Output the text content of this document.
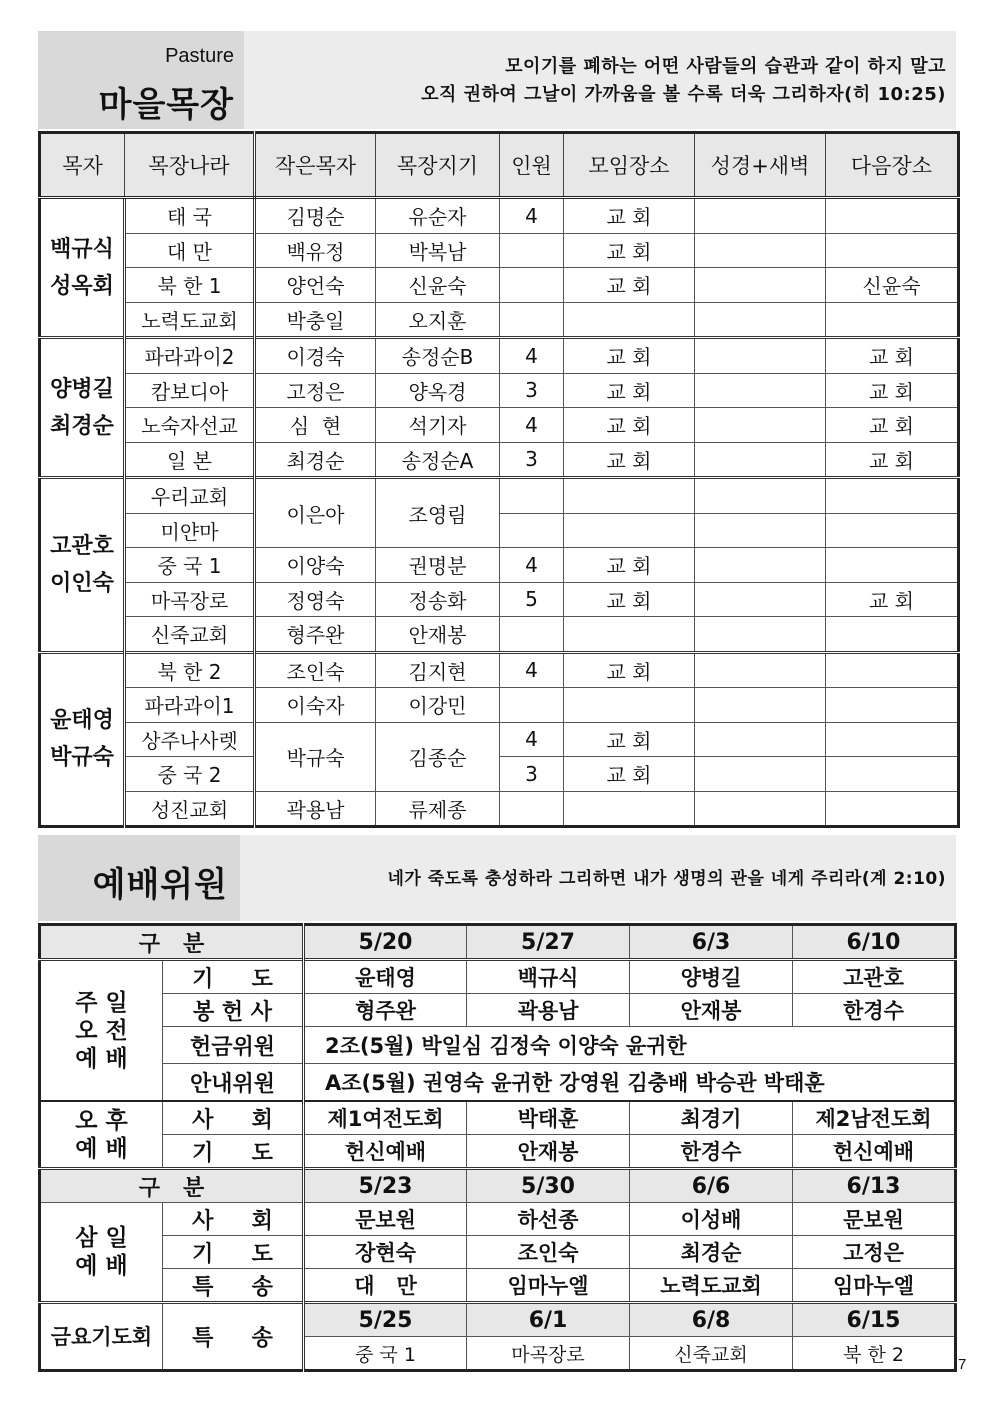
Pasture
마을목장
모이기를 폐하는 어떤 사람들의 습관과 같이 하지 말고
오직 권하여 그날이 가까움을 볼 수록 더욱 그리하자(히 10:25)
목자	목장나라	작은목자	목장지기	인원	모임장소	성경+새벽	다음장소
백규식
성옥회	태 국	김명순	유순자	4	교 회		
	대 만	백유정	박복남		교 회		
	북 한 1	양언숙	신윤숙		교 회		신윤숙
	노력도교회	박충일	오지훈				
양병길
최경순	파라과이2	이경숙	송정순B	4	교 회		교 회
	캄보디아	고정은	양옥경	3	교 회		교 회
	노숙자선교	심  현	석기자	4	교 회		교 회
	일 본	최경순	송정순A	3	교 회		교 회
고관호
이인숙	우리교회	이은아	조영림				
	미얀마						
	중 국 1	이양숙	권명분	4	교 회		
	마곡장로	정영숙	정송화	5	교 회		교 회
	신죽교회	형주완	안재봉				
윤태영
박규숙	북 한 2	조인숙	김지현	4	교 회		
	파라과이1	이숙자	이강민				
	상주나사렛	박규숙	김종순	4	교 회		
	중 국 2			3	교 회		
	성진교회	곽용남	류제종				
예배위원	네가 죽도록 충성하라 그리하면 내가 생명의 관을 네게 주리라(계 2:10)
구   분		5/20	5/27	6/3	6/10
주 일
오 전
예 배	기     도	윤태영	백규식	양병길	고관호
	봉 헌 사	형주완	곽용남	안재봉	한경수
	헌금위원	2조(5월) 박일심 김정숙 이양숙 윤귀한			
	안내위원	A조(5월) 권영숙 윤귀한 강영원 김충배 박승관 박태훈			
오 후
예 배	사     회	제1여전도회	박태훈	최경기	제2남전도회
	기     도	헌신예배	안재봉	한경수	헌신예배
구   분		5/23	5/30	6/6	6/13
삼 일
예 배	사     회	문보원	하선종	이성배	문보원
	기     도	장현숙	조인숙	최경순	고정은
	특     송	대   만	임마누엘	노력도교회	임마누엘
금요기도회	특     송	5/25	6/1	6/8	6/15
		중 국 1	마곡장로	신죽교회	북 한 2	7
